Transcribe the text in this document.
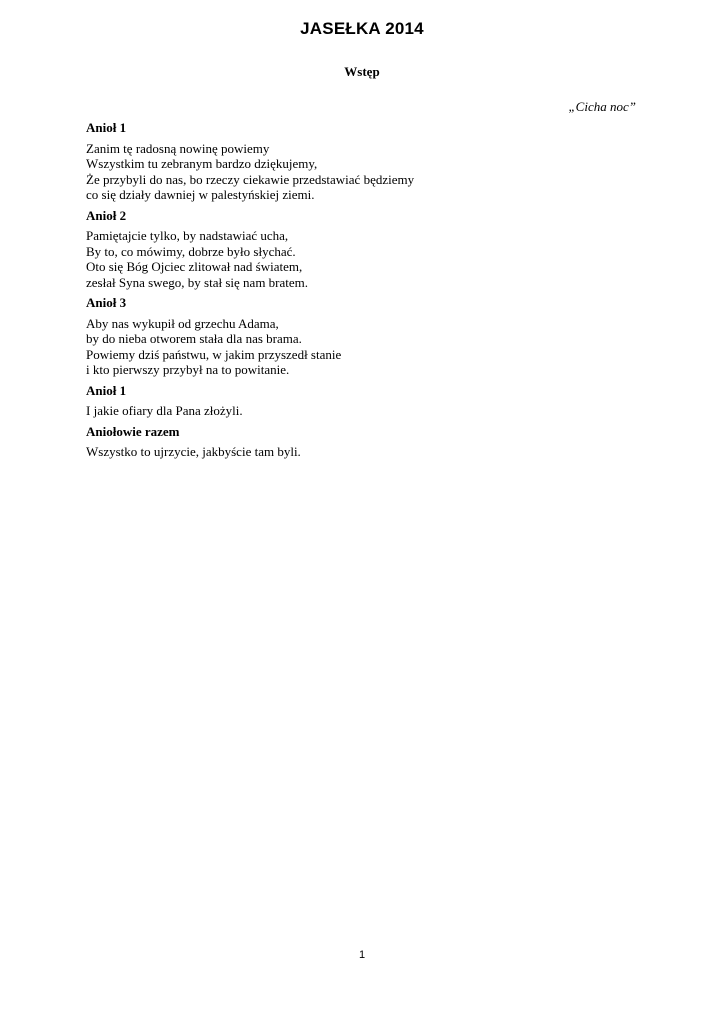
JASEŁKA 2014
Wstęp
„Cicha noc”
Anioł 1
Zanim tę radosną nowinę powiemy
Wszystkim tu zebranym bardzo dziękujemy,
Że przybyli do nas, bo rzeczy ciekawie przedstawiać będziemy
co się działy dawniej w palestyńskiej ziemi.
Anioł 2
Pamiętajcie tylko, by nadstawiać ucha,
By to, co mówimy, dobrze było słychać.
Oto się Bóg Ojciec zlitował nad światem,
zesłał Syna swego, by stał się nam bratem.
Anioł 3
Aby nas wykupił od grzechu Adama,
by do nieba otworem stała dla nas brama.
Powiemy dziś państwu, w jakim przyszedł stanie
i kto pierwszy przybył na to powitanie.
Anioł 1
I jakie ofiary dla Pana złożyli.
Aniołowie razem
Wszystko to ujrzycie, jakbyście tam byli.
1
